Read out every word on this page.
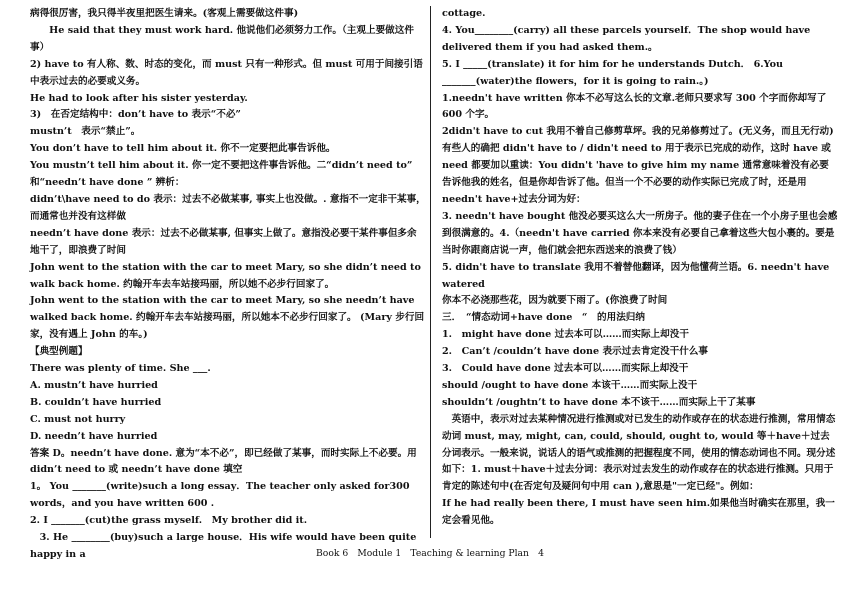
病得很厉害，我只得半夜里把医生请来。(客观上需要做这件事)
　　He said that they must work hard. 他说他们必须努力工作。（主观上要做这件事）
2) have to 有人称、数、时态的变化，而 must 只有一种形式。但 must 可用于间接引语中表示过去的必要或义务。
He had to look after his sister yesterday.
3)　在否定结构中：don’t have to 表示“不必”
mustn’t　表示“禁止”。
You don’t have to tell him about it. 你不一定要把此事告诉他。
You mustn’t tell him about it. 你一定不要把这件事告诉他。二“didn’t need to” 和“needn’t have done ” 辨析：
didn’t\have need to do 表示：过去不必做某事, 事实上也没做。. 意指不一定非干某事，而通常也并没有这样做
needn’t have done 表示：过去不必做某事, 但事实上做了。意指没必要干某件事但多余地干了，即浪费了时间
John went to the station with the car to meet Mary, so she didn’t need to walk back home. 约翰开车去车站接玛丽，所以她不必步行回家了。
John went to the station with the car to meet Mary, so she needn’t have walked back home. 约翰开车去车站接玛丽，所以她本不必步行回家了。 (Mary 步行回家，没有遇上 John 的车。)
【典型例题】
There was plenty of time. She ___.
A. mustn’t have hurried
B. couldn’t have hurried
C. must not hurry
D. needn’t have hurried
答案 D。needn’t have done. 意为“本不必”，即已经做了某事，而时实际上不必要。用 didn’t need to 或 needn’t have done 填空
1。 You _______(write)such a long essay．The teacher only asked for300 words，and you have written 600 .
2. I _______(cut)the grass myself.　My brother did it.
　3. He ________(buy)such a large house．His wife would have been quite happy in a
cottage.
4. You________(carry) all these parcels yourself．The shop would have delivered them if you had asked them.。
5. I _____(translate) it for him for he understands Dutch． 6.You _______(water)the flowers，for it is going to rain.。)
1.needn't have written 你本不必写这么长的文章.老师只要求写 300 个字而你却写了 600 个字。
2didn't have to cut 我用不着自己修剪草坪。我的兄弟修剪过了。(无义务，而且无行动) 有些人的确把 didn't have to / didn't need to 用于表示已完成的动作，这时 have 或 need 都要加以重读：You didn't 'have to give him my name 通常意味着没有必要告诉他我的姓名，但是你却告诉了他。但当一个不必要的动作实际已完成了时，还是用 needn't have+过去分词为好：
3. needn't have bought 他没必要买这么大一所房子。他的妻子住在一个小房子里也会感到很满意的。4.（needn't have carried 你本来没有必要自己拿着这些大包小裹的。要是当时你跟商店说一声，他们就会把东西送来的浪费了钱）
5. didn't have to translate 我用不着替他翻译，因为他懂荷兰语。6. needn't have watered
你本不必浇那些花，因为就要下雨了。(你浪费了时间
三．　“情态动词+have done　“　的用法归纳
1.　might have done 过去本可以……而实际上却没干
2.　Can’t /couldn’t have done 表示过去肯定没干什么事
3.　Could have done 过去本可以……而实际上却没干
should /ought to have done 本该干……而实际上没干
shouldn’t /oughtn’t to have done 本不该干……而实际上干了某事
　英语中，表示对过去某种情况进行推测或对已发生的动作或存在的状态进行推测，常用情态动词 must, may, might, can, could, should, ought to, would 等＋have＋过去分词表示。一般来说，说话人的语气或推测的把握程度不同，使用的情态动词也不同。现分述如下：1. must＋have＋过去分词：表示对过去发生的动作或存在的状态进行推测。只用于肯定的陈述句中(在否定句及疑问句中用 can ),意思是"一定已经"。例如：
If he had really been there, I must have seen him.如果他当时确实在那里，我一定会看见他。
Book 6　Module 1　Teaching & learning Plan　4
